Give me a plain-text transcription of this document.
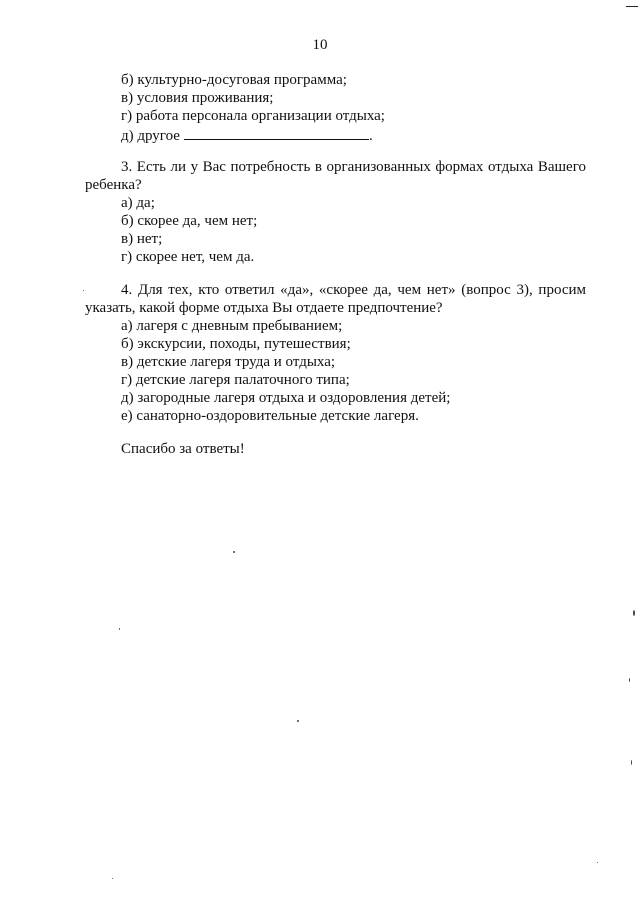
10
б) культурно-досуговая программа;
в) условия проживания;
г) работа персонала организации отдыха;
д) другое	.
3. Есть ли у Вас потребность в организованных формах отдыха Вашего
ребенка?
а) да;
б) скорее да, чем нет;
в) нет;
г) скорее нет, чем да.
4. Для тех, кто ответил «да», «скорее да, чем нет» (вопрос 3), просим
указать, какой форме отдыха Вы отдаете предпочтение?
а) лагеря с дневным пребыванием;
б) экскурсии, походы, путешествия;
в) детские лагеря труда и отдыха;
г) детские лагеря палаточного типа;
д) загородные лагеря отдыха и оздоровления детей;
е) санаторно-оздоровительные детские лагеря.
Спасибо за ответы!
